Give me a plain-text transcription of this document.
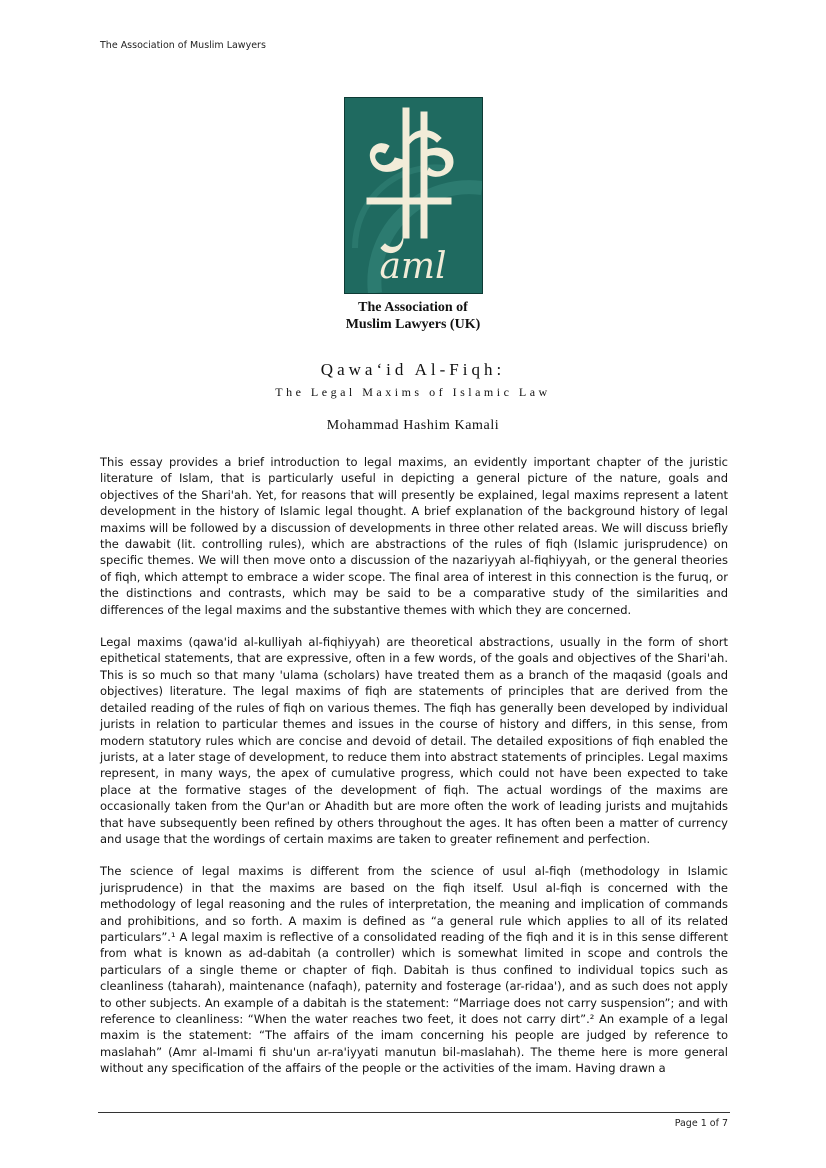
The Association of Muslim Lawyers
aml
The Association of
Muslim Lawyers (UK)
Qawa‘id Al-Fiqh:
The Legal Maxims of Islamic Law
Mohammad Hashim Kamali

This essay provides a brief introduction to legal maxims, an evidently important chapter of the juristic literature of Islam, that is particularly useful in depicting a general picture of the nature, goals and objectives of the Shari'ah. Yet, for reasons that will presently be explained, legal maxims represent a latent development in the history of Islamic legal thought. A brief explanation of the background history of legal maxims will be followed by a discussion of developments in three other related areas. We will discuss briefly the dawabit (lit. controlling rules), which are abstractions of the rules of fiqh (Islamic jurisprudence) on specific themes. We will then move onto a discussion of the nazariyyah al-fiqhiyyah, or the general theories of fiqh, which attempt to embrace a wider scope. The final area of interest in this connection is the furuq, or the distinctions and contrasts, which may be said to be a comparative study of the similarities and differences of the legal maxims and the substantive themes with which they are concerned.

Legal maxims (qawa'id al-kulliyah al-fiqhiyyah) are theoretical abstractions, usually in the form of short epithetical statements, that are expressive, often in a few words, of the goals and objectives of the Shari'ah. This is so much so that many 'ulama (scholars) have treated them as a branch of the maqasid (goals and objectives) literature. The legal maxims of fiqh are statements of principles that are derived from the detailed reading of the rules of fiqh on various themes. The fiqh has generally been developed by individual jurists in relation to particular themes and issues in the course of history and differs, in this sense, from modern statutory rules which are concise and devoid of detail. The detailed expositions of fiqh enabled the jurists, at a later stage of development, to reduce them into abstract statements of principles. Legal maxims represent, in many ways, the apex of cumulative progress, which could not have been expected to take place at the formative stages of the development of fiqh. The actual wordings of the maxims are occasionally taken from the Qur'an or Ahadith but are more often the work of leading jurists and mujtahids that have subsequently been refined by others throughout the ages. It has often been a matter of currency and usage that the wordings of certain maxims are taken to greater refinement and perfection.

The science of legal maxims is different from the science of usul al-fiqh (methodology in Islamic jurisprudence) in that the maxims are based on the fiqh itself. Usul al-fiqh is concerned with the methodology of legal reasoning and the rules of interpretation, the meaning and implication of commands and prohibitions, and so forth. A maxim is defined as “a general rule which applies to all of its related particulars”.¹ A legal maxim is reflective of a consolidated reading of the fiqh and it is in this sense different from what is known as ad-dabitah (a controller) which is somewhat limited in scope and controls the particulars of a single theme or chapter of fiqh. Dabitah is thus confined to individual topics such as cleanliness (taharah), maintenance (nafaqh), paternity and fosterage (ar-ridaa'), and as such does not apply to other subjects. An example of a dabitah is the statement: “Marriage does not carry suspension”; and with reference to cleanliness: “When the water reaches two feet, it does not carry dirt”.² An example of a legal maxim is the statement: “The affairs of the imam concerning his people are judged by reference to maslahah” (Amr al-Imami fi shu'un ar-ra'iyyati manutun bil-maslahah). The theme here is more general without any specification of the affairs of the people or the activities of the imam. Having drawn a

Page 1 of 7
